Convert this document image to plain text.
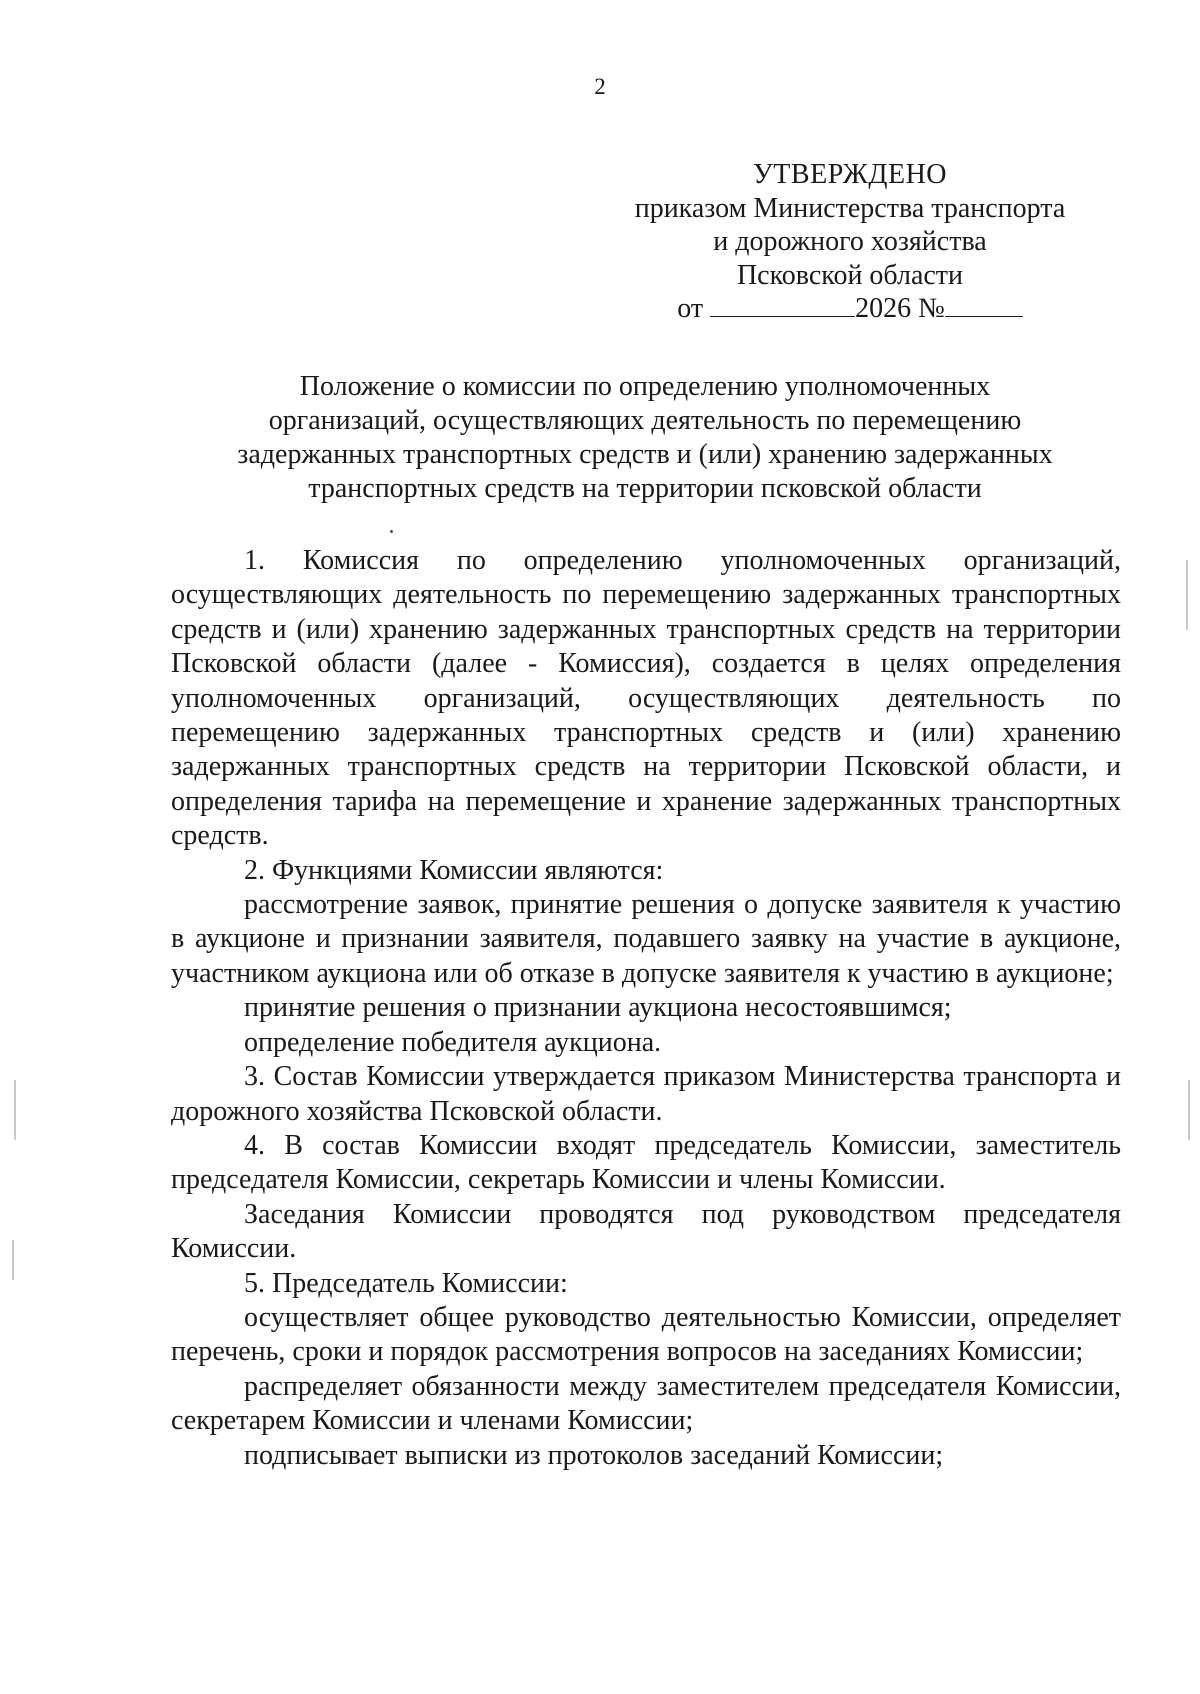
2
УТВЕРЖДЕНО
приказом Министерства транспорта
и дорожного хозяйства
Псковской области
от	2026 №
Положение о комиссии по определению уполномоченных
организаций, осуществляющих деятельность по перемещению
задержанных транспортных средств и (или) хранению задержанных
транспортных средств на территории псковской области

1. Комиссия по определению уполномоченных организаций, осуществляющих деятельность по перемещению задержанных транспортных средств и (или) хранению задержанных транспортных средств на территории Псковской области (далее - Комиссия), создается в целях определения уполномоченных организаций, осуществляющих деятельность по перемещению задержанных транспортных средств и (или) хранению задержанных транспортных средств на территории Псковской области, и определения тарифа на перемещение и хранение задержанных транспортных средств.

2. Функциями Комиссии являются:

рассмотрение заявок, принятие решения о допуске заявителя к участию в аукционе и признании заявителя, подавшего заявку на участие в аукционе, участником аукциона или об отказе в допуске заявителя к участию в аукционе;

принятие решения о признании аукциона несостоявшимся;

определение победителя аукциона.

3. Состав Комиссии утверждается приказом Министерства транспорта и дорожного хозяйства Псковской области.

4. В состав Комиссии входят председатель Комиссии, заместитель председателя Комиссии, секретарь Комиссии и члены Комиссии.

Заседания Комиссии проводятся под руководством председателя Комиссии.

5. Председатель Комиссии:

осуществляет общее руководство деятельностью Комиссии, определяет перечень, сроки и порядок рассмотрения вопросов на заседаниях Комиссии;

распределяет обязанности между заместителем председателя Комиссии, секретарем Комиссии и членами Комиссии;

подписывает выписки из протоколов заседаний Комиссии;
